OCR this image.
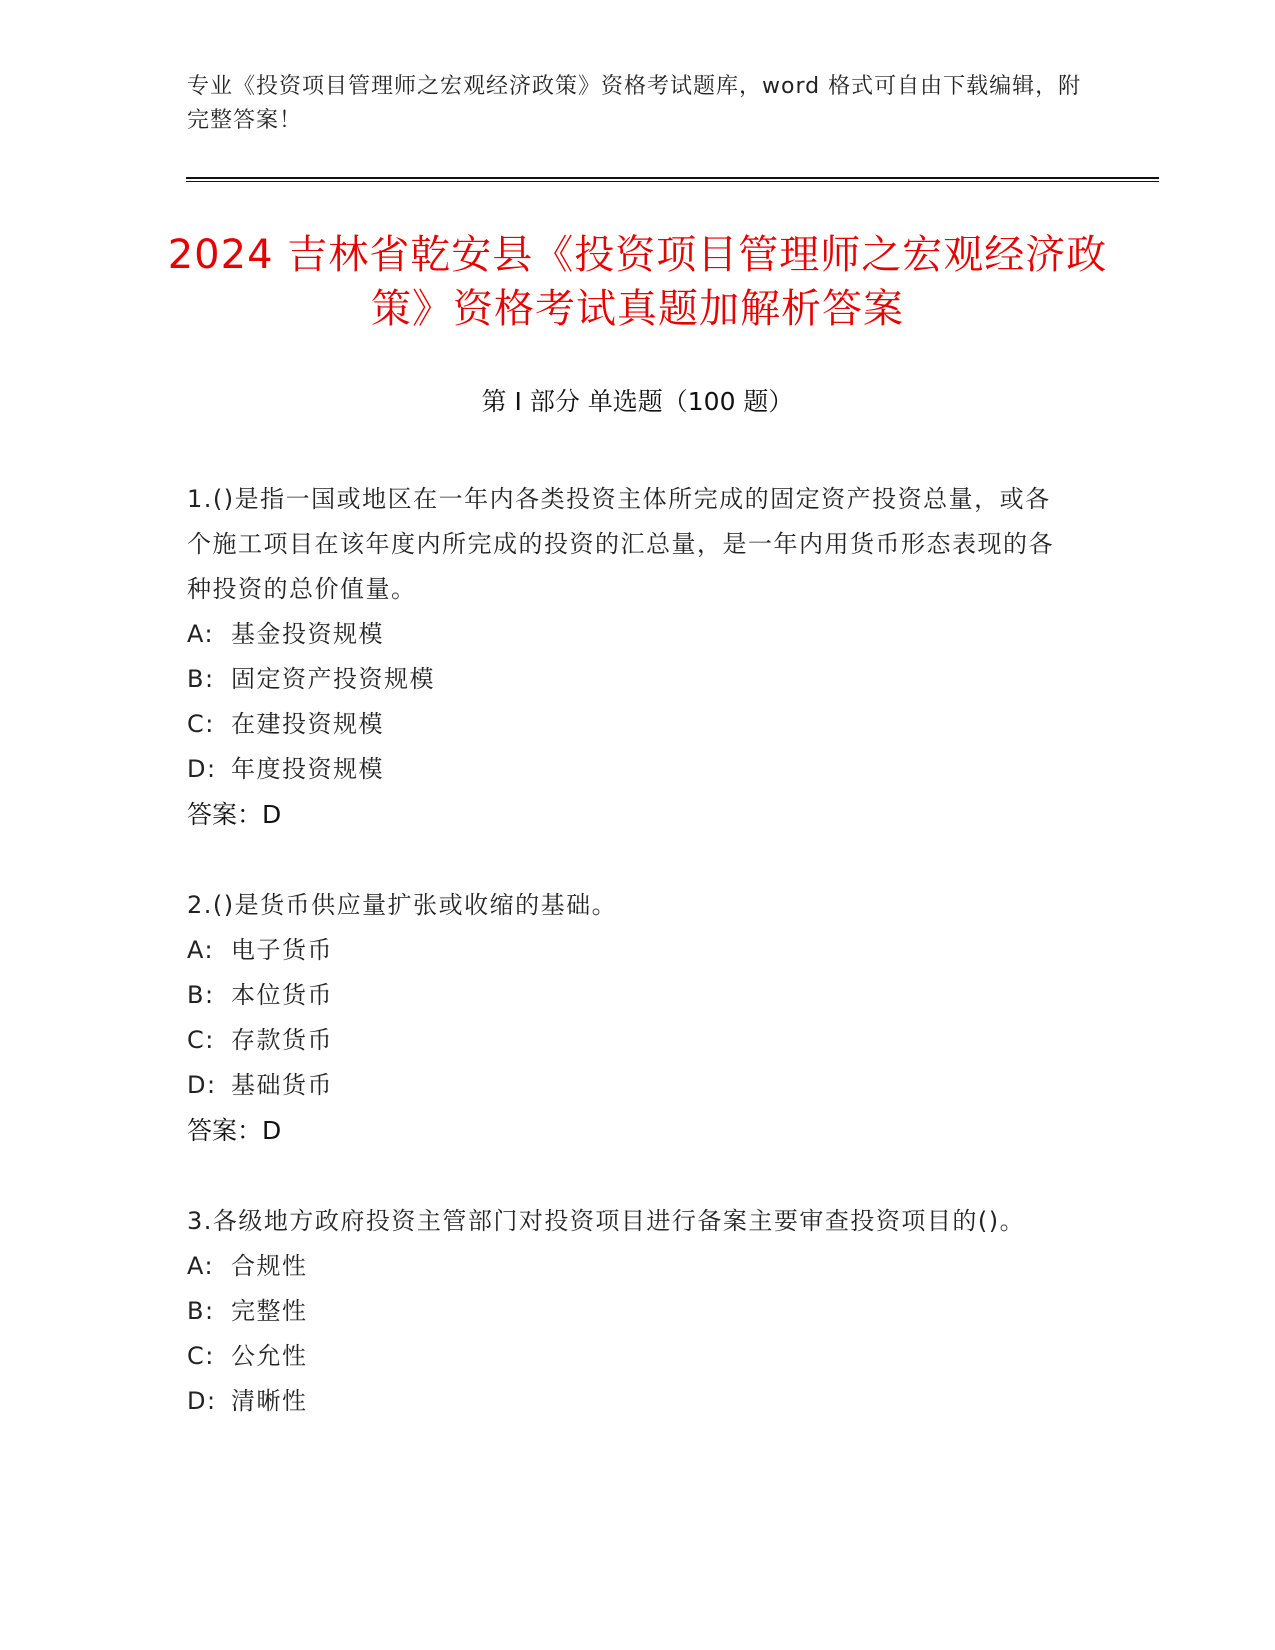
专业《投资项目管理师之宏观经济政策》资格考试题库，word 格式可自由下载编辑，附完整答案！
2024 吉林省乾安县《投资项目管理师之宏观经济政策》资格考试真题加解析答案
第 I 部分 单选题（100 题）

1.()是指一国或地区在一年内各类投资主体所完成的固定资产投资总量，或各个施工项目在该年度内所完成的投资的汇总量，是一年内用货币形态表现的各种投资的总价值量。

A: 基金投资规模

B: 固定资产投资规模

C: 在建投资规模

D: 年度投资规模

答案：D

2.()是货币供应量扩张或收缩的基础。

A: 电子货币

B: 本位货币

C: 存款货币

D: 基础货币

答案：D

3.各级地方政府投资主管部门对投资项目进行备案主要审查投资项目的()。

A: 合规性

B: 完整性

C: 公允性

D: 清晰性
